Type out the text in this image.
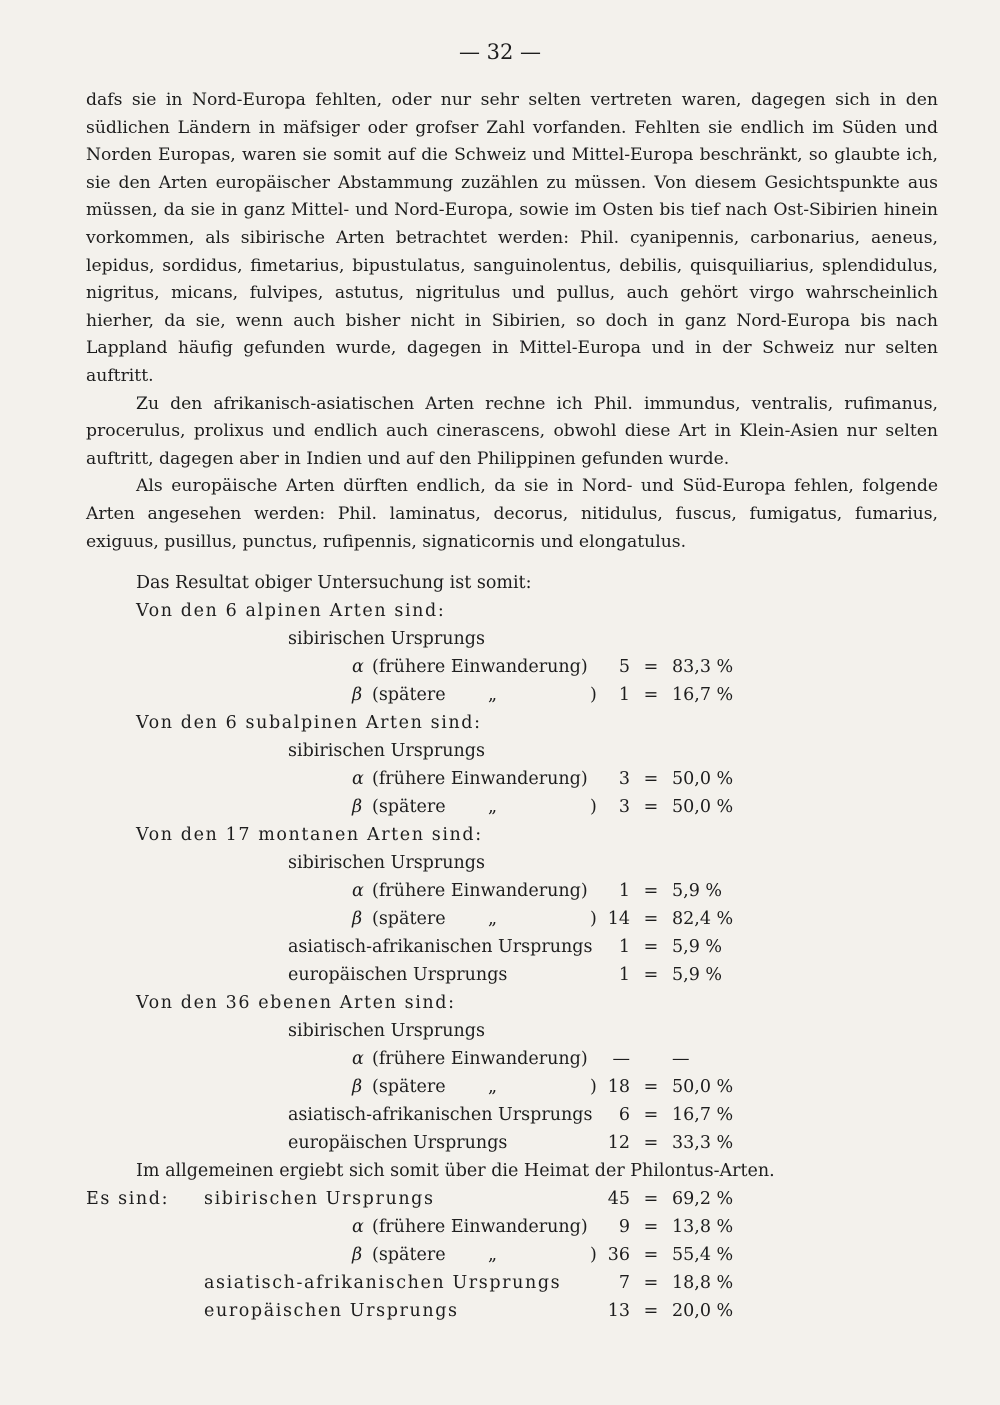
— 32 —

dafs sie in Nord-Europa fehlten, oder nur sehr selten vertreten waren, dagegen sich in den südlichen Ländern in mäfsiger oder grofser Zahl vorfanden. Fehlten sie endlich im Süden und Norden Europas, waren sie somit auf die Schweiz und Mittel-Europa beschränkt, so glaubte ich, sie den Arten europäischer Abstammung zuzählen zu müssen. Von diesem Gesichtspunkte aus müssen, da sie in ganz Mittel- und Nord-Europa, sowie im Osten bis tief nach Ost-Sibirien hinein vorkommen, als sibirische Arten betrachtet werden: Phil. cyanipennis, carbonarius, aeneus, lepidus, sordidus, fimetarius, bipustulatus, sanguinolentus, debilis, quisquiliarius, splendidulus, nigritus, micans, fulvipes, astutus, nigritulus und pullus, auch gehört virgo wahrscheinlich hierher, da sie, wenn auch bisher nicht in Sibirien, so doch in ganz Nord-Europa bis nach Lappland häufig gefunden wurde, dagegen in Mittel-Europa und in der Schweiz nur selten auftritt.

Zu den afrikanisch-asiatischen Arten rechne ich Phil. immundus, ventralis, rufimanus, procerulus, prolixus und endlich auch cinerascens, obwohl diese Art in Klein-Asien nur selten auftritt, dagegen aber in Indien und auf den Philippinen gefunden wurde.

Als europäische Arten dürften endlich, da sie in Nord- und Süd-Europa fehlen, folgende Arten angesehen werden: Phil. laminatus, decorus, nitidulus, fuscus, fumigatus, fumarius, exiguus, pusillus, punctus, rufipennis, signaticornis und elongatulus.

Das Resultat obiger Untersuchung ist somit:
Von den 6 alpinen Arten sind:
sibirischen Ursprungs
α (frühere Einwanderung)	5 = 83,3 %
β (spätere „	)	1 = 16,7 %
Von den 6 subalpinen Arten sind:
sibirischen Ursprungs
α (frühere Einwanderung)	3 = 50,0 %
β (spätere „	)	3 = 50,0 %
Von den 17 montanen Arten sind:
sibirischen Ursprungs
α (frühere Einwanderung)	1 = 5,9 %
β (spätere „	) 14 = 82,4 %
asiatisch-afrikanischen Ursprungs	1 = 5,9 %
europäischen Ursprungs	1 = 5,9 %
Von den 36 ebenen Arten sind:
sibirischen Ursprungs
α (frühere Einwanderung)	— —
β (spätere „	) 18 = 50,0 %
asiatisch-afrikanischen Ursprungs	6 = 16,7 %
europäischen Ursprungs	12 = 33,3 %
Im allgemeinen ergiebt sich somit über die Heimat der Philontus-Arten.
Es sind: sibirischen Ursprungs	45 = 69,2 %
α (frühere Einwanderung)	9 = 13,8 %
β (spätere „	) 36 = 55,4 %
asiatisch-afrikanischen Ursprungs	7 = 18,8 %
europäischen Ursprungs	13 = 20,0 %
